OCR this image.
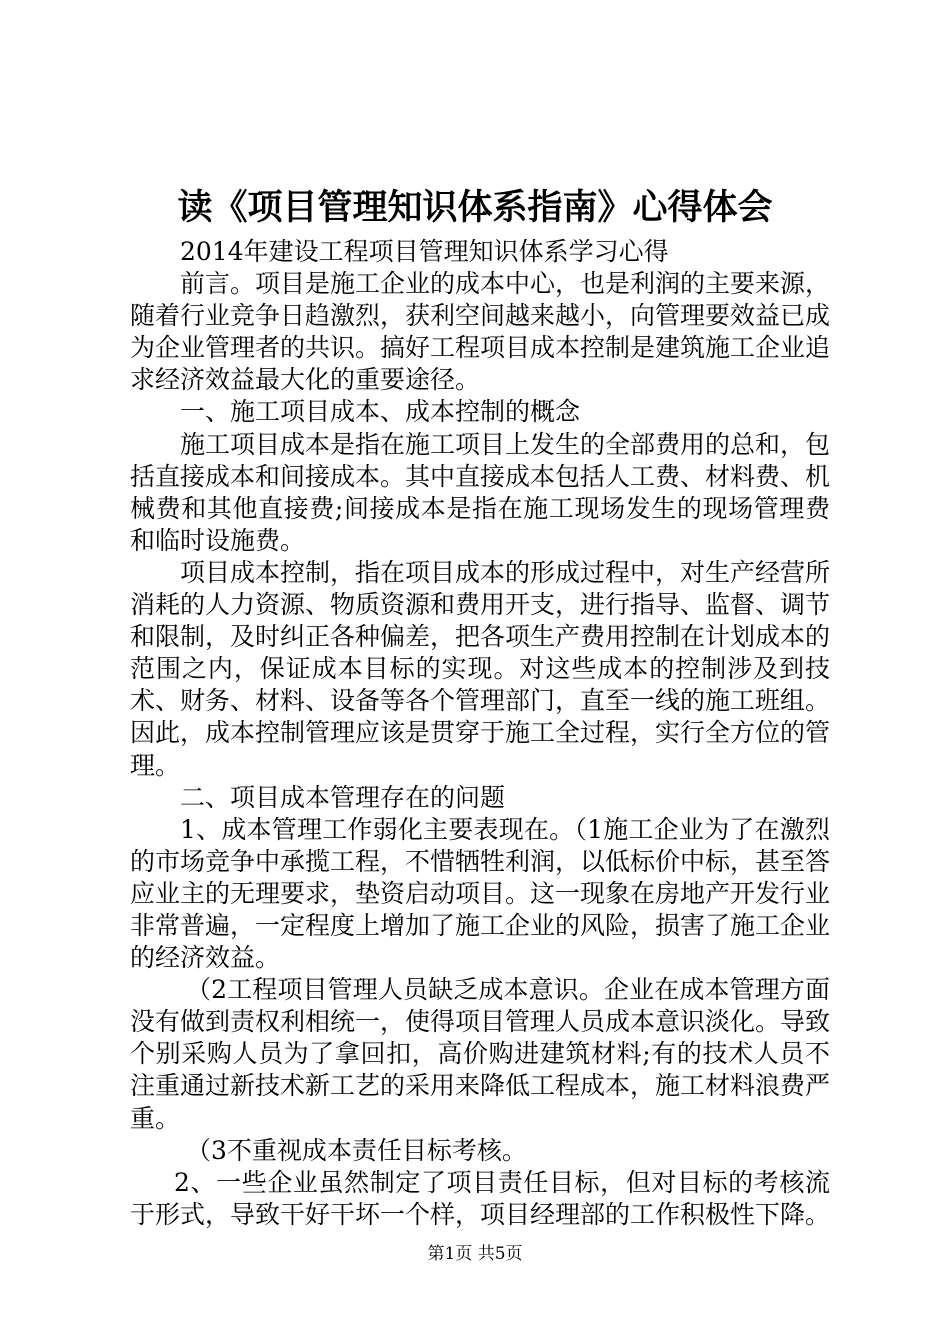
读《项目管理知识体系指南》心得体会

2014年建设工程项目管理知识体系学习心得

前言。项目是施工企业的成本中心，也是利润的主要来源，随着行业竞争日趋激烈，获利空间越来越小，向管理要效益已成为企业管理者的共识。搞好工程项目成本控制是建筑施工企业追求经济效益最大化的重要途径。

一、施工项目成本、成本控制的概念

施工项目成本是指在施工项目上发生的全部费用的总和，包括直接成本和间接成本。其中直接成本包括人工费、材料费、机械费和其他直接费;间接成本是指在施工现场发生的现场管理费和临时设施费。

项目成本控制，指在项目成本的形成过程中，对生产经营所消耗的人力资源、物质资源和费用开支，进行指导、监督、调节和限制，及时纠正各种偏差，把各项生产费用控制在计划成本的范围之内，保证成本目标的实现。对这些成本的控制涉及到技术、财务、材料、设备等各个管理部门，直至一线的施工班组。因此，成本控制管理应该是贯穿于施工全过程，实行全方位的管理。

二、项目成本管理存在的问题

1、成本管理工作弱化主要表现在。（1施工企业为了在激烈的市场竞争中承揽工程，不惜牺牲利润，以低标价中标，甚至答应业主的无理要求，垫资启动项目。这一现象在房地产开发行业非常普遍，一定程度上增加了施工企业的风险，损害了施工企业的经济效益。

（2工程项目管理人员缺乏成本意识。企业在成本管理方面没有做到责权利相统一，使得项目管理人员成本意识淡化。导致个别采购人员为了拿回扣，高价购进建筑材料;有的技术人员不注重通过新技术新工艺的采用来降低工程成本，施工材料浪费严重。

（3不重视成本责任目标考核。

2、一些企业虽然制定了项目责任目标，但对目标的考核流于形式，导致干好干坏一个样，项目经理部的工作积极性下降。

第1页 共5页
